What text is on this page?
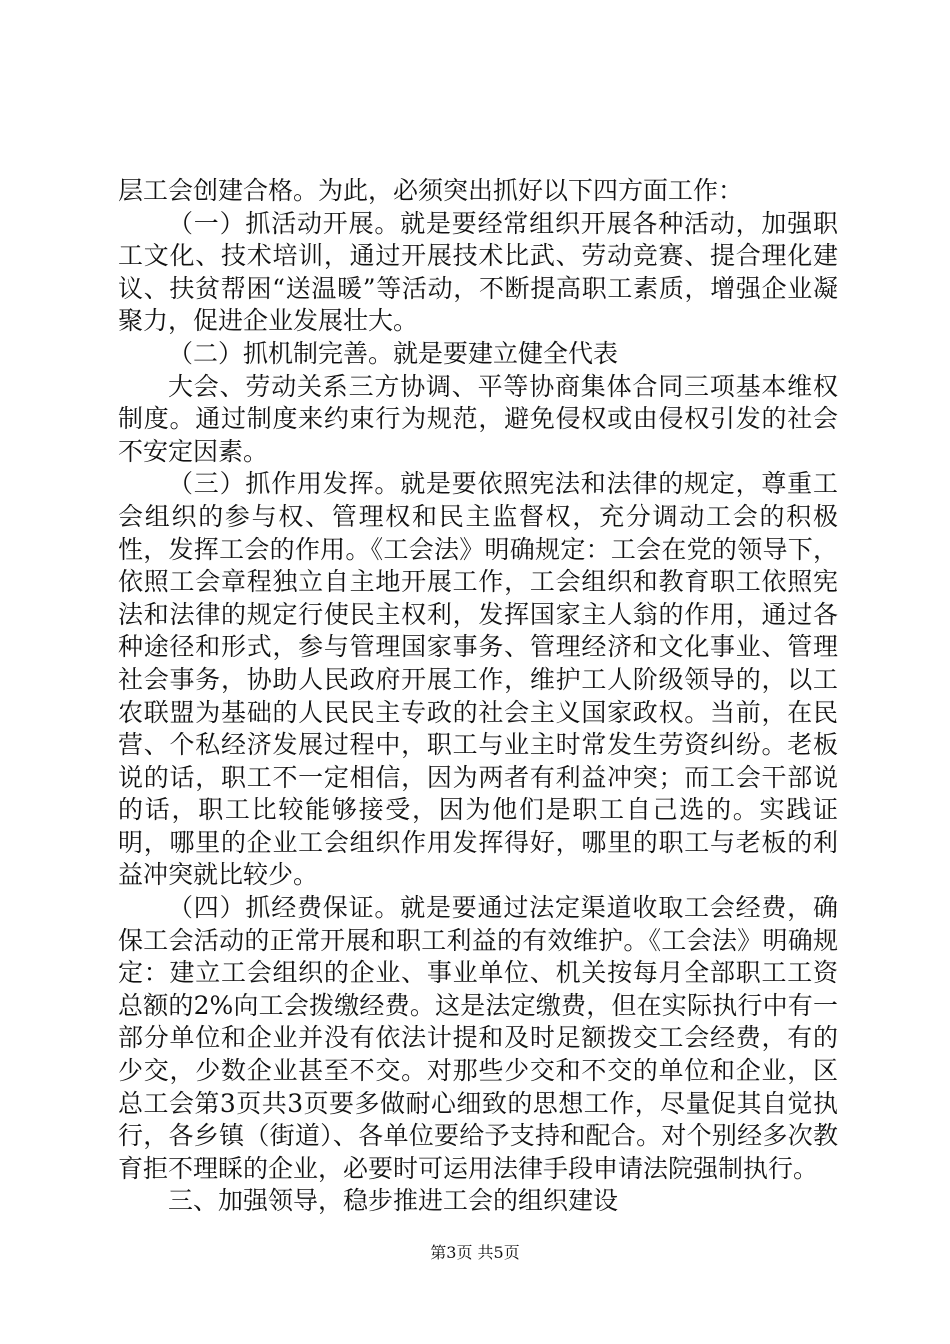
层工会创建合格。为此，必须突出抓好以下四方面工作：

（一）抓活动开展。就是要经常组织开展各种活动，加强职工文化、技术培训，通过开展技术比武、劳动竞赛、提合理化建议、扶贫帮困“送温暖”等活动，不断提高职工素质，增强企业凝聚力，促进企业发展壮大。

（二）抓机制完善。就是要建立健全代表

大会、劳动关系三方协调、平等协商集体合同三项基本维权制度。通过制度来约束行为规范，避免侵权或由侵权引发的社会不安定因素。

（三）抓作用发挥。就是要依照宪法和法律的规定，尊重工会组织的参与权、管理权和民主监督权，充分调动工会的积极性，发挥工会的作用。《工会法》明确规定：工会在党的领导下，依照工会章程独立自主地开展工作，工会组织和教育职工依照宪法和法律的规定行使民主权利，发挥国家主人翁的作用，通过各种途径和形式，参与管理国家事务、管理经济和文化事业、管理社会事务，协助人民政府开展工作，维护工人阶级领导的，以工农联盟为基础的人民民主专政的社会主义国家政权。当前，在民营、个私经济发展过程中，职工与业主时常发生劳资纠纷。老板说的话，职工不一定相信，因为两者有利益冲突；而工会干部说的话，职工比较能够接受，因为他们是职工自己选的。实践证明，哪里的企业工会组织作用发挥得好，哪里的职工与老板的利益冲突就比较少。

（四）抓经费保证。就是要通过法定渠道收取工会经费，确保工会活动的正常开展和职工利益的有效维护。《工会法》明确规定：建立工会组织的企业、事业单位、机关按每月全部职工工资总额的2%向工会拨缴经费。这是法定缴费，但在实际执行中有一部分单位和企业并没有依法计提和及时足额拨交工会经费，有的少交，少数企业甚至不交。对那些少交和不交的单位和企业，区总工会第3页共3页要多做耐心细致的思想工作，尽量促其自觉执行，各乡镇（街道）、各单位要给予支持和配合。对个别经多次教育拒不理睬的企业，必要时可运用法律手段申请法院强制执行。

三、加强领导，稳步推进工会的组织建设

第3页 共5页
